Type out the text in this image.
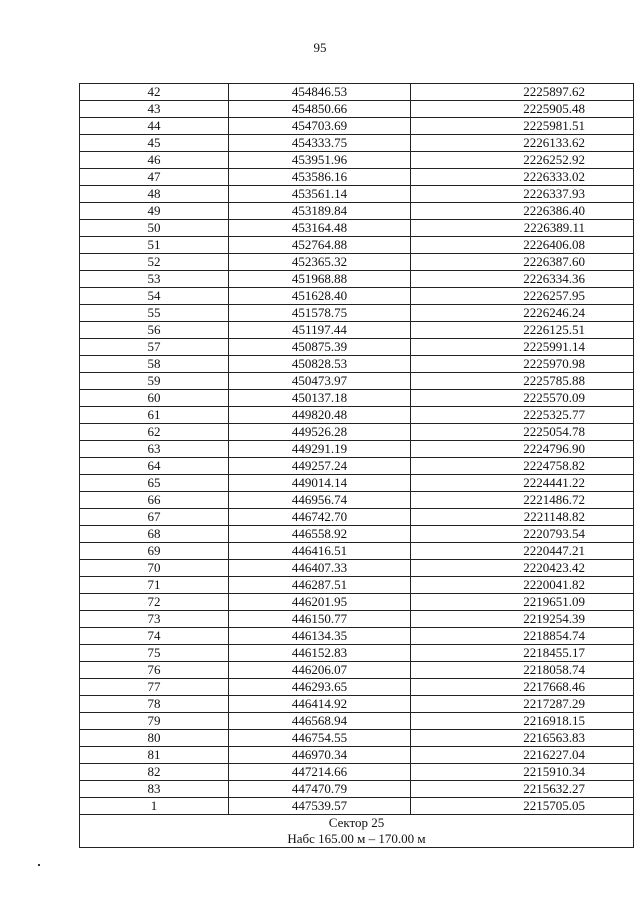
95
42	454846.53	2225897.62
43	454850.66	2225905.48
44	454703.69	2225981.51
45	454333.75	2226133.62
46	453951.96	2226252.92
47	453586.16	2226333.02
48	453561.14	2226337.93
49	453189.84	2226386.40
50	453164.48	2226389.11
51	452764.88	2226406.08
52	452365.32	2226387.60
53	451968.88	2226334.36
54	451628.40	2226257.95
55	451578.75	2226246.24
56	451197.44	2226125.51
57	450875.39	2225991.14
58	450828.53	2225970.98
59	450473.97	2225785.88
60	450137.18	2225570.09
61	449820.48	2225325.77
62	449526.28	2225054.78
63	449291.19	2224796.90
64	449257.24	2224758.82
65	449014.14	2224441.22
66	446956.74	2221486.72
67	446742.70	2221148.82
68	446558.92	2220793.54
69	446416.51	2220447.21
70	446407.33	2220423.42
71	446287.51	2220041.82
72	446201.95	2219651.09
73	446150.77	2219254.39
74	446134.35	2218854.74
75	446152.83	2218455.17
76	446206.07	2218058.74
77	446293.65	2217668.46
78	446414.92	2217287.29
79	446568.94	2216918.15
80	446754.55	2216563.83
81	446970.34	2216227.04
82	447214.66	2215910.34
83	447470.79	2215632.27
1	447539.57	2215705.05

Сектор 25
Набс 165.00 м – 170.00 м		
